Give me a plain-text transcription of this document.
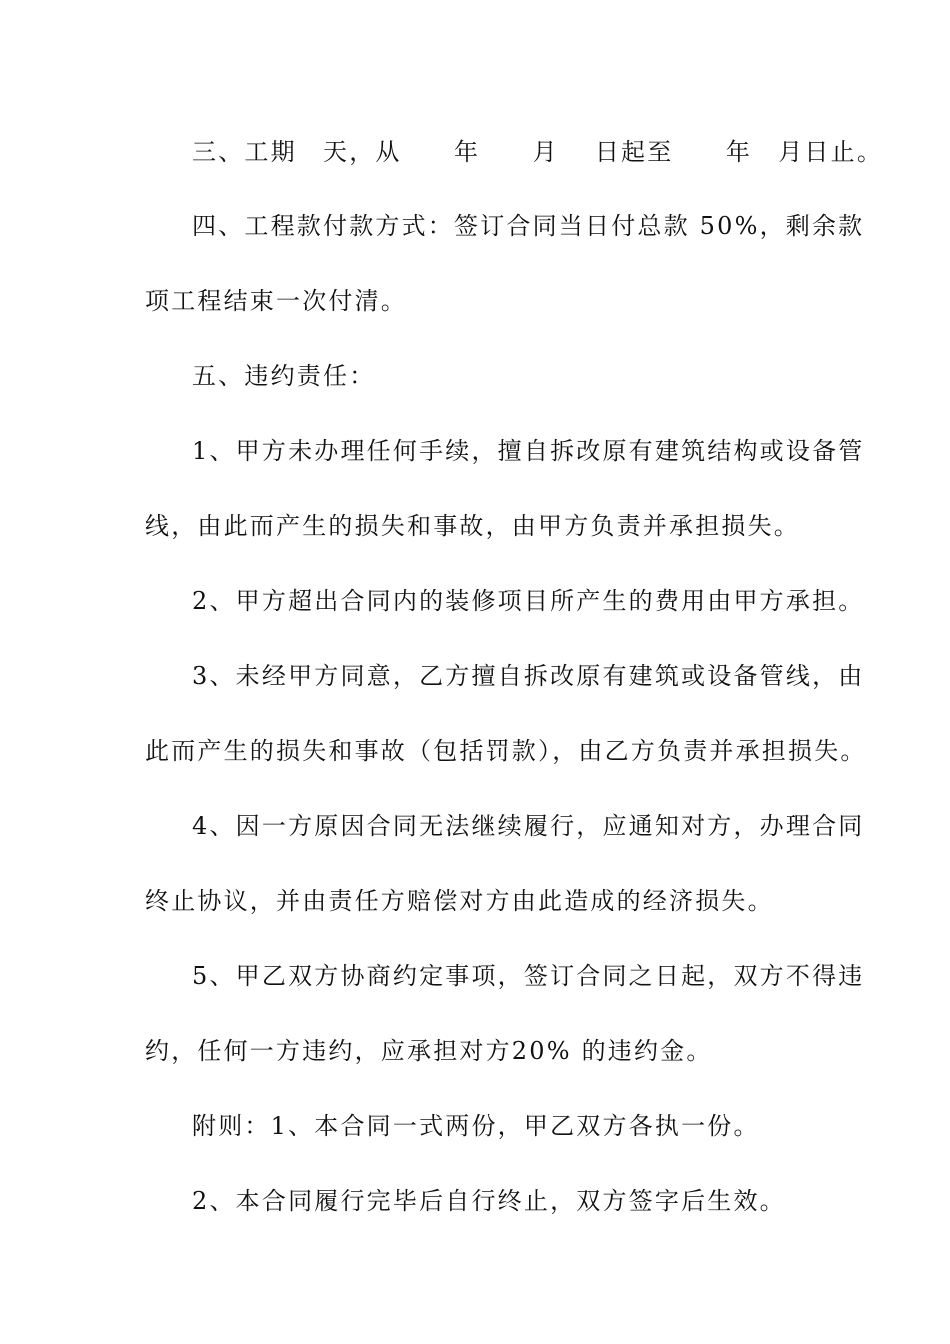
三、工期　天，从　　年　　月　 日起至　　年　月日止。
四、工程款付款方式：签订合同当日付总款 50%，剩余款
项工程结束一次付清。
五、违约责任：
1、甲方未办理任何手续，擅自拆改原有建筑结构或设备管
线，由此而产生的损失和事故，由甲方负责并承担损失。
2、甲方超出合同内的装修项目所产生的费用由甲方承担。
3、未经甲方同意，乙方擅自拆改原有建筑或设备管线，由
此而产生的损失和事故（包括罚款），由乙方负责并承担损失。
4、因一方原因合同无法继续履行，应通知对方，办理合同
终止协议，并由责任方赔偿对方由此造成的经济损失。
5、甲乙双方协商约定事项，签订合同之日起，双方不得违
约，任何一方违约，应承担对方20% 的违约金。
附则：1、本合同一式两份，甲乙双方各执一份。
2、本合同履行完毕后自行终止，双方签字后生效。
